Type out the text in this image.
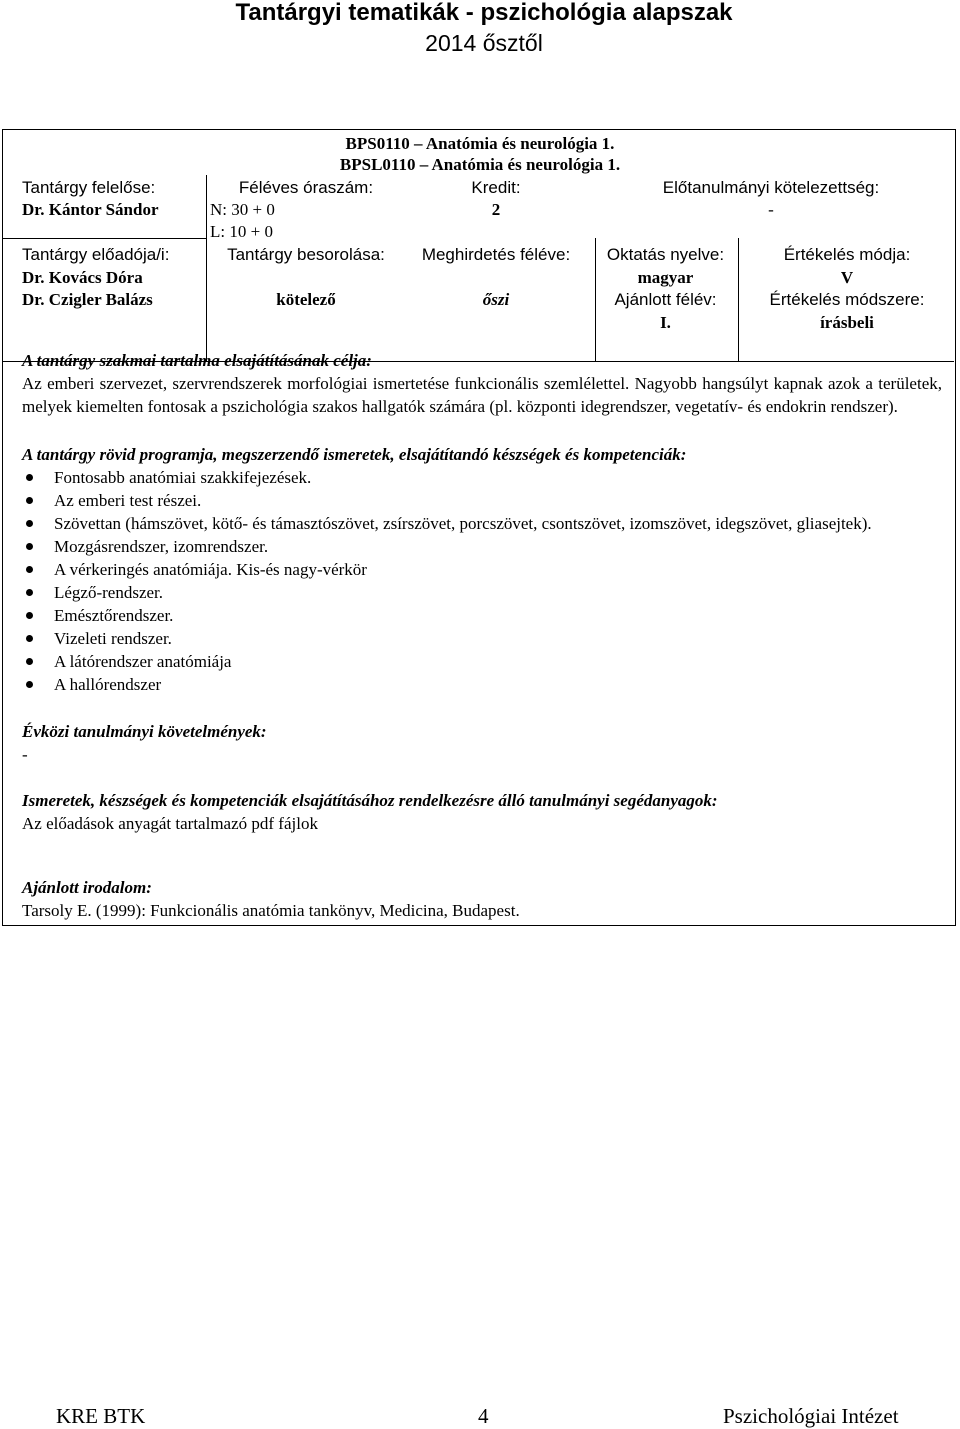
Tantárgyi tematikák - pszichológia alapszak
2014 ősztől
BPS0110 – Anatómia és neurológia 1.
BPSL0110 – Anatómia és neurológia 1.
Tantárgy felelőse:
Dr. Kántor Sándor
Tantárgy előadója/i:
Dr. Kovács Dóra
Dr. Czigler Balázs
Féléves óraszám:
N: 30 + 0
L: 10 + 0
Tantárgy besorolása:
kötelező
Kredit:
2
Meghirdetés féléve:
őszi
Előtanulmányi kötelezettség:
-
Oktatás nyelve:
magyar
Ajánlott félév:
I.
Értékelés módja:
V
Értékelés módszere:
írásbeli
A tantárgy szakmai tartalma elsajátításának célja:
Az emberi szervezet, szervrendszerek morfológiai ismertetése funkcionális szemlélettel. Nagyobb hangsúlyt kapnak azok a területek, melyek kiemelten fontosak a pszichológia szakos hallgatók számára (pl. központi idegrendszer, vegetatív- és endokrin rendszer).
A tantárgy rövid programja, megszerzendő ismeretek, elsajátítandó készségek és kompetenciák:
Fontosabb anatómiai szakkifejezések.
Az emberi test részei.
Szövettan (hámszövet, kötő- és támasztószövet, zsírszövet, porcszövet, csontszövet, izomszövet, idegszövet, gliasejtek).
Mozgásrendszer, izomrendszer.
A vérkeringés anatómiája. Kis-és nagy-vérkör
Légző-rendszer.
Emésztőrendszer.
Vizeleti rendszer.
A látórendszer anatómiája
A hallórendszer
Évközi tanulmányi követelmények:
-
Ismeretek, készségek és kompetenciák elsajátításához rendelkezésre álló tanulmányi segédanyagok:
Az előadások anyagát tartalmazó pdf fájlok
Ajánlott irodalom:
Tarsoly E. (1999): Funkcionális anatómia tankönyv, Medicina, Budapest.
KRE BTK	4	Pszichológiai Intézet
